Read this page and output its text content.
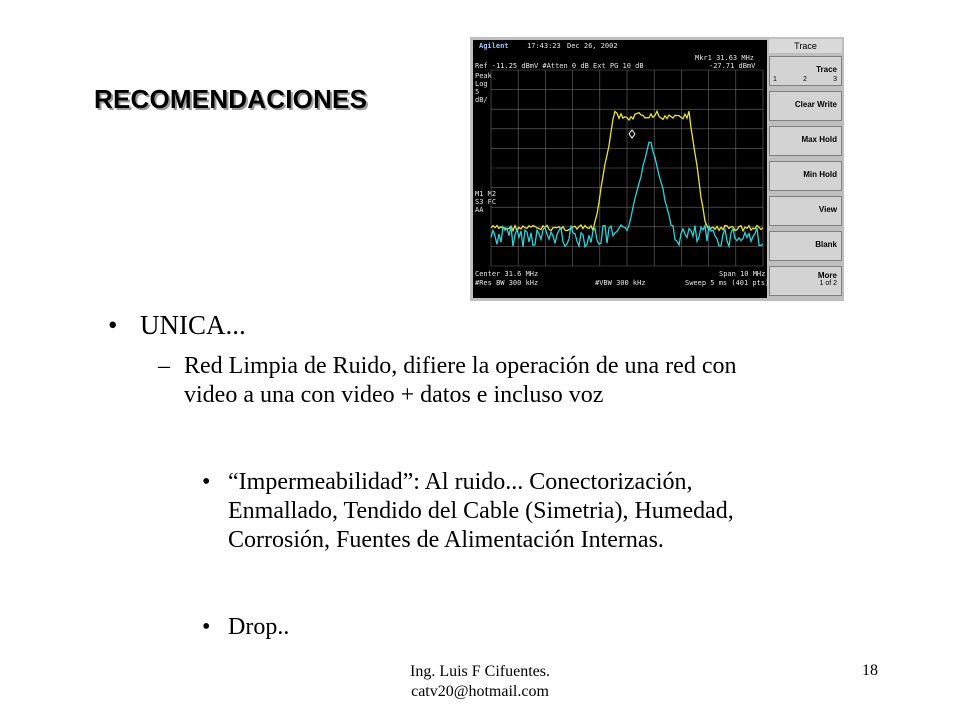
RECOMENDACIONES
Agilent	17:43:23 Dec 26, 2002
Ref -11.25 dBmV #Atten 0 dB Ext PG 10 dB
Mkr1 31.63 MHz
-27.71 dBmV
Peak
Log
5
dB/
M1 M2
S3 FC
AA
Center 31.6 MHz	Span 10 MHz
#Res BW 300 kHz	#VBW 300 kHz	Sweep 5 ms (401 pts)
Trace
Trace
1	2	3
Clear Write
Max Hold
Min Hold
View
Blank
More
1 of 2
• UNICA...
– Red Limpia de Ruido, difiere la operación de una red con video a una con video + datos e incluso voz
• “Impermeabilidad”: Al ruido... Conectorización, Enmallado, Tendido del Cable (Simetria), Humedad, Corrosión, Fuentes de Alimentación Internas.
• Drop..
Ing. Luis F Cifuentes.
catv20@hotmail.com
18
